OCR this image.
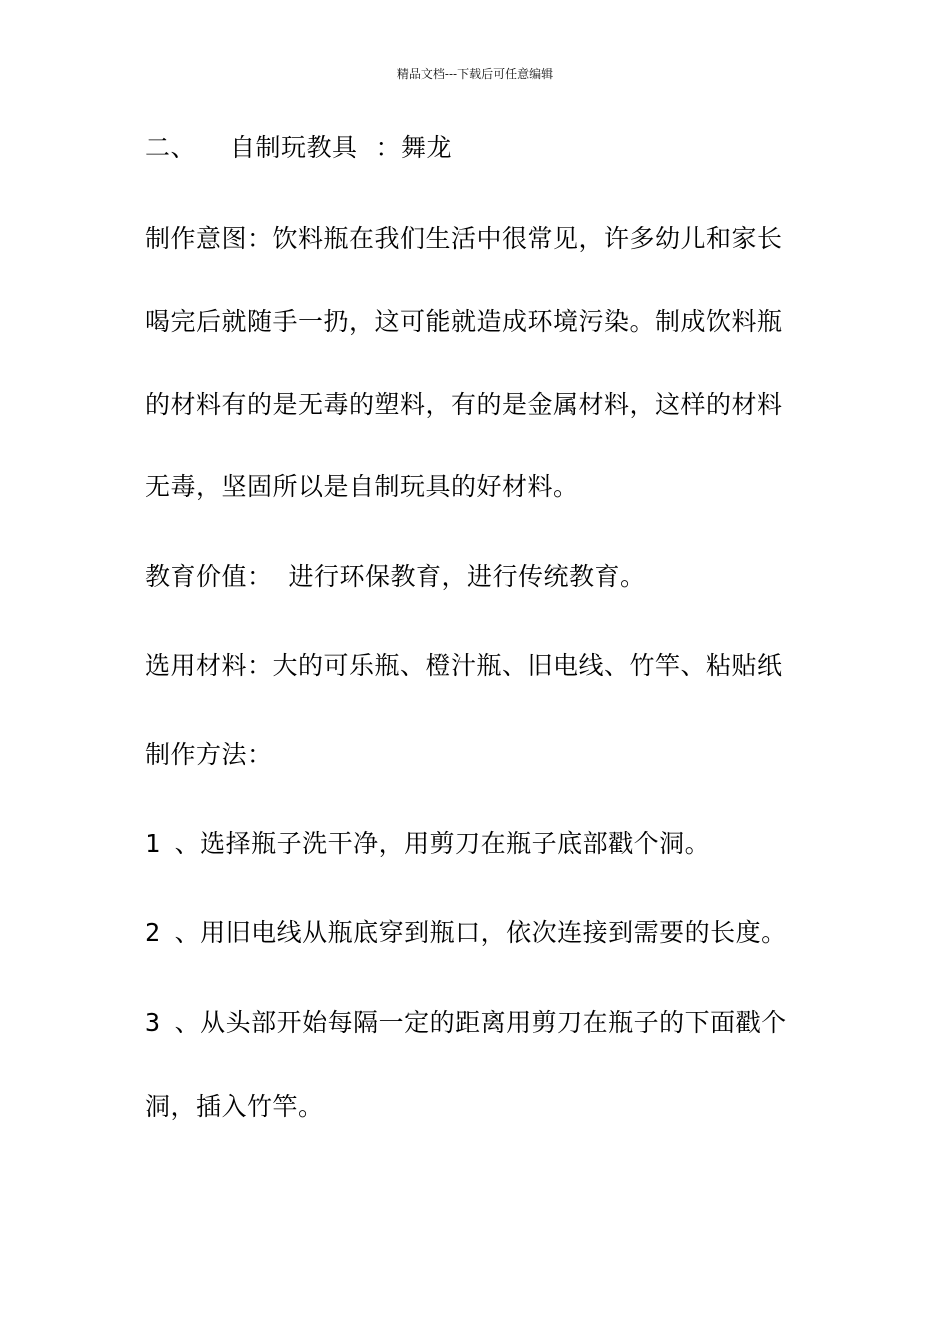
精品文档---下载后可任意编辑
二、 自制玩教具 ：舞龙
制作意图：饮料瓶在我们生活中很常见，许多幼儿和家长
喝完后就随手一扔，这可能就造成环境污染。制成饮料瓶
的材料有的是无毒的塑料，有的是金属材料，这样的材料
无毒，坚固所以是自制玩具的好材料。
教育价值： 进行环保教育，进行传统教育。
选用材料：大的可乐瓶、橙汁瓶、旧电线、竹竿、粘贴纸
制作方法：
1 、选择瓶子洗干净，用剪刀在瓶子底部戳个洞。
2 、用旧电线从瓶底穿到瓶口，依次连接到需要的长度。
3 、从头部开始每隔一定的距离用剪刀在瓶子的下面戳个
洞，插入竹竿。
